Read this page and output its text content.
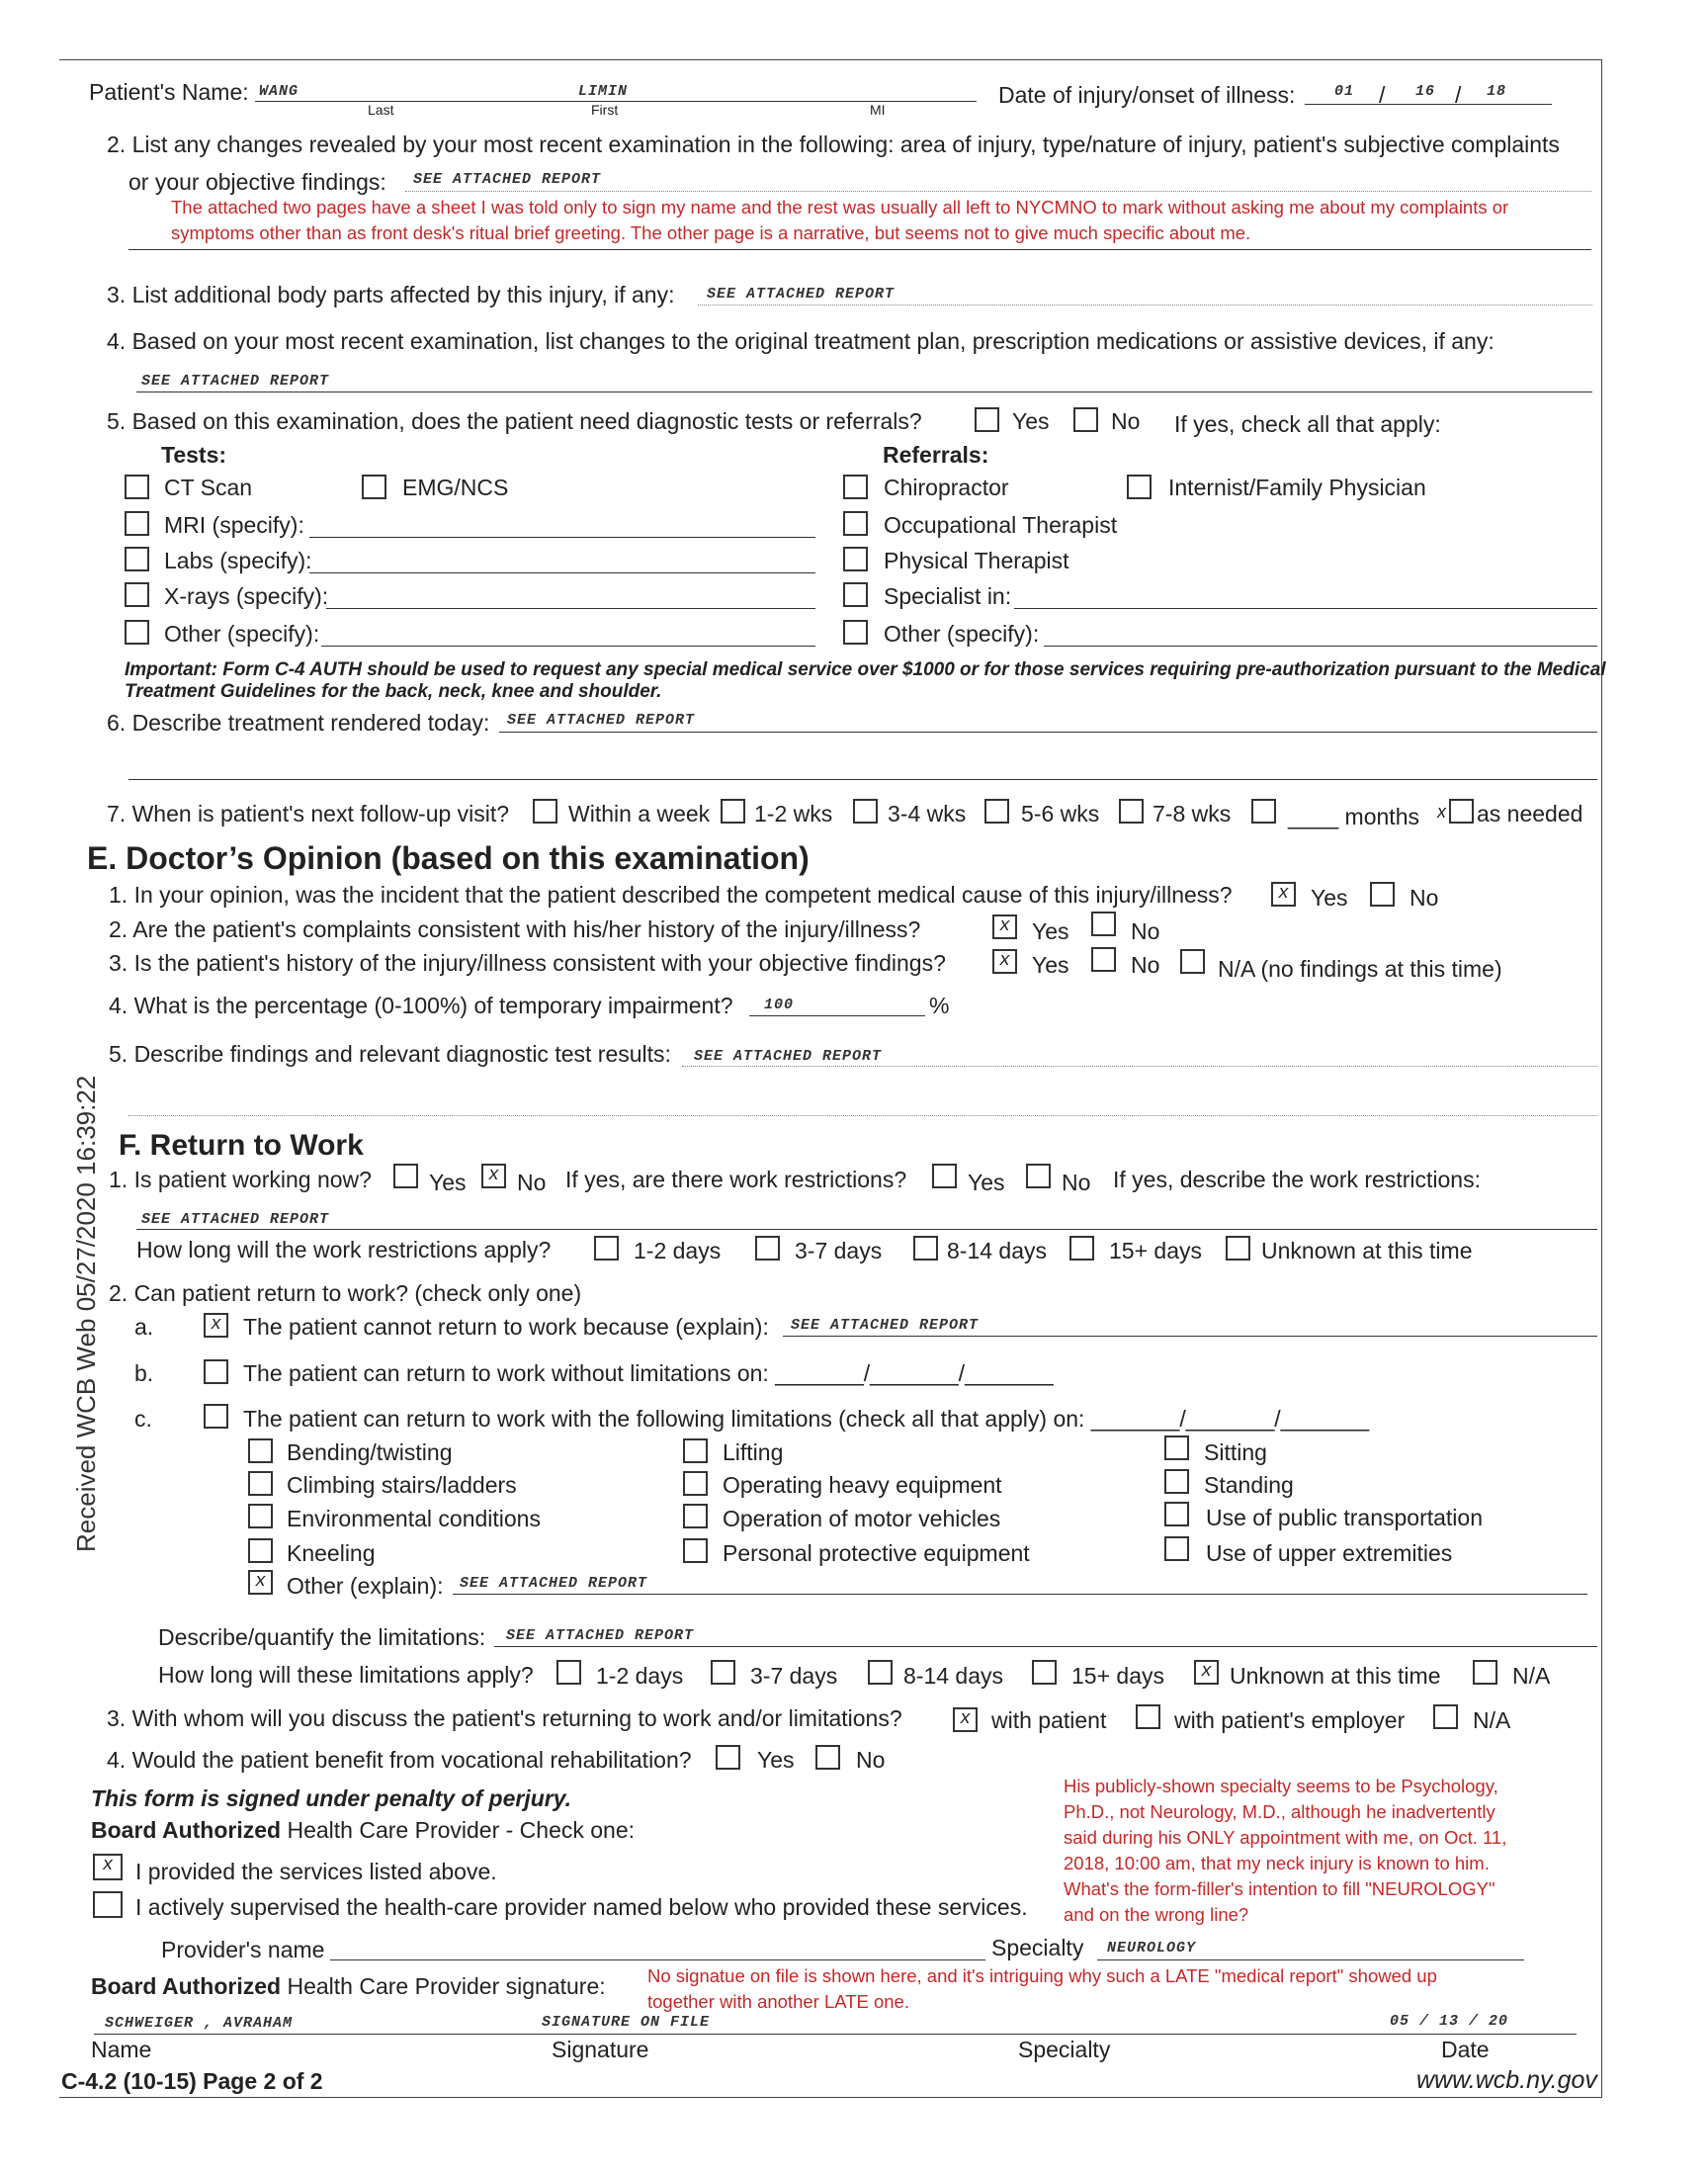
Patient's Name: WANG	LIMIN
Last	First	MI
Date of injury/onset of illness:	01 / 16 / 18
2. List any changes revealed by your most recent examination in the following: area of injury, type/nature of injury, patient's subjective complaints
or your objective findings: SEE ATTACHED REPORT
The attached two pages have a sheet I was told only to sign my name and the rest was usually all left to NYCMNO to mark without asking me about my complaints or
symptoms other than as front desk's ritual brief greeting. The other page is a narrative, but seems not to give much specific about me.
3. List additional body parts affected by this injury, if any: SEE ATTACHED REPORT
4. Based on your most recent examination, list changes to the original treatment plan, prescription medications or assistive devices, if any:
SEE ATTACHED REPORT
5. Based on this examination, does the patient need diagnostic tests or referrals?	Yes	No If yes, check all that apply:
Tests:	Referrals:
CT Scan	EMG/NCS
MRI (specify):
Labs (specify):
X-rays (specify):
Other (specify):
Chiropractor	Internist/Family Physician
Occupational Therapist
Physical Therapist
Specialist in:
Other (specify):
Important: Form C-4 AUTH should be used to request any special medical service over $1000 or for those services requiring pre-authorization pursuant to the Medical
Treatment Guidelines for the back, neck, knee and shoulder.
6. Describe treatment rendered today: SEE ATTACHED REPORT
7. When is patient's next follow-up visit?	Within a week 1-2 wks 3-4 wks 5-6 wks 7-8 wks	____ months x as needed
E. Doctor’s Opinion (based on this examination)
1. In your opinion, was the incident that the patient described the competent medical cause of this injury/illness?	x Yes	No
2. Are the patient's complaints consistent with his/her history of the injury/illness?	x Yes	No
3. Is the patient's history of the injury/illness consistent with your objective findings?	x Yes	No	N/A (no findings at this time)
4. What is the percentage (0-100%) of temporary impairment? 100	%
5. Describe findings and relevant diagnostic test results: SEE ATTACHED REPORT
F. Return to Work
1. Is patient working now?	Yes	x No If yes, are there work restrictions?	Yes No If yes, describe the work restrictions:
SEE ATTACHED REPORT
How long will the work restrictions apply?	1-2 days	3-7 days	8-14 days	15+ days	Unknown at this time
2. Can patient return to work? (check only one)
a.	x The patient cannot return to work because (explain): SEE ATTACHED REPORT
b.	The patient can return to work without limitations on: _______/_______/_______
c.	The patient can return to work with the following limitations (check all that apply) on: _______/_______/_______
Bending/twisting
Climbing stairs/ladders
Environmental conditions
Kneeling
x Other (explain): SEE ATTACHED REPORT
Lifting
Operating heavy equipment
Operation of motor vehicles
Personal protective equipment
Sitting
Standing
Use of public transportation
Use of upper extremities
Describe/quantify the limitations: SEE ATTACHED REPORT
How long will these limitations apply?	1-2 days	3-7 days	8-14 days	15+ days	x Unknown at this time	N/A
3. With whom will you discuss the patient's returning to work and/or limitations?	x with patient	with patient's employer	N/A
4. Would the patient benefit from vocational rehabilitation?	Yes	No
This form is signed under penalty of perjury.
Board Authorized Health Care Provider - Check one:
x I provided the services listed above.
I actively supervised the health-care provider named below who provided these services.
His publicly-shown specialty seems to be Psychology,
Ph.D., not Neurology, M.D., although he inadvertently
said during his ONLY appointment with me, on Oct. 11,
2018, 10:00 am, that my neck injury is known to him.
What's the form-filler's intention to fill "NEUROLOGY"
and on the wrong line?
Provider's name	Specialty NEUROLOGY
Board Authorized Health Care Provider signature: No signatue on file is shown here, and it's intriguing why such a LATE "medical report" showed up
together with another LATE one.
SCHWEIGER , AVRAHAM	SIGNATURE ON FILE	05 / 13 / 20
Name	Signature	Specialty	Date
C-4.2 (10-15) Page 2 of 2	www.wcb.ny.gov
Received WCB Web 05/27/2020 16:39:22
